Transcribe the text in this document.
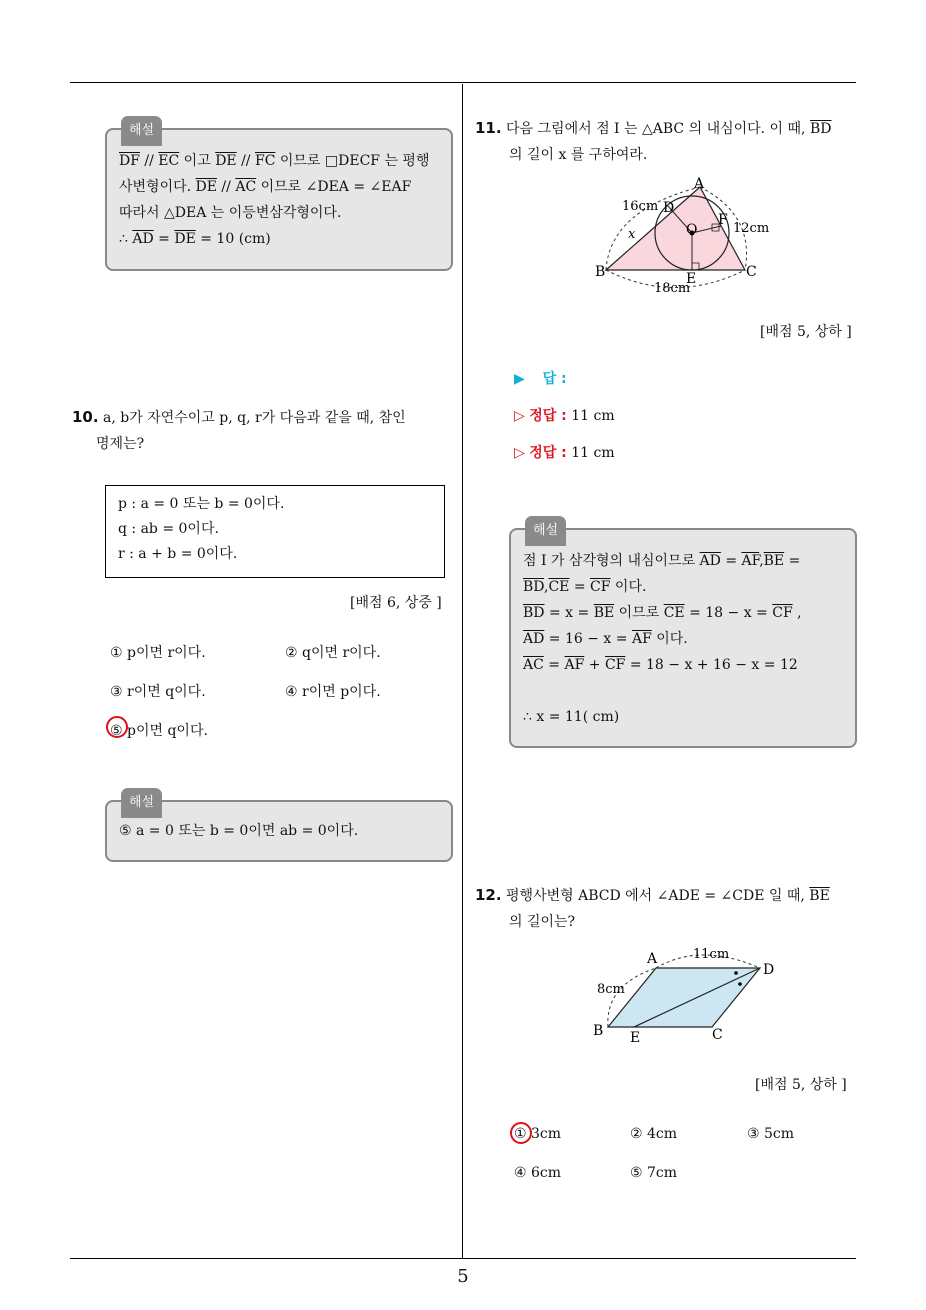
5
해설
$\overline{DF} // \overline{EC}$ 이고 $\overline{DE} // \overline{FC}$ 이므로 □DECF 는 평행
사변형이다. $\overline{DE} // \overline{AC}$ 이므로 ∠DEA = ∠EAF
따라서 △DEA 는 이등변삼각형이다.
∴ $\overline{AD} = \overline{DE} = 10$ (cm)
10. a, b가 자연수이고 p, q, r가 다음과 같을 때, 참인
명제는?
p : a = 0 또는 b = 0이다.
q : ab = 0이다.
r : a + b = 0이다.
[배점 6, 상중 ]
① p이면 r이다.	② q이면 r이다.
③ r이면 q이다.	④ r이면 p이다.
⑤ p이면 q이다.
해설
⑤ a = 0 또는 b = 0이면 ab = 0이다.
11. 다음 그림에서 점 I 는 △ABC 의 내심이다. 이 때, $\overline{BD}$
의 길이 x 를 구하여라.
A
B	C
D
E
F
O
x
16cm
12cm
18cm
[배점 5, 상하 ]
▶ 답 :
▷ 정답 : 11 cm
▷ 정답 : 11 cm
해설
점 I 가 삼각형의 내심이므로 $\overline{AD} = \overline{AF},\overline{BE}$ =
$\overline{BD},\overline{CE} = \overline{CF}$ 이다.
$\overline{BD} = x = \overline{BE}$ 이므로 $\overline{CE} = 18 - x = \overline{CF}$ ,
$\overline{AD} = 16 - x = \overline{AF}$ 이다.
$\overline{AC} = \overline{AF} + \overline{CF} = 18 - x + 16 - x = 12$
∴ x = 11( cm)
12. 평행사변형 ABCD 에서 ∠ADE = ∠CDE 일 때, $\overline{BE}$
의 길이는?
A
B	C
D
E
11cm
8cm
[배점 5, 상하 ]
① 3cm	② 4cm	③ 5cm
④ 6cm	⑤ 7cm
